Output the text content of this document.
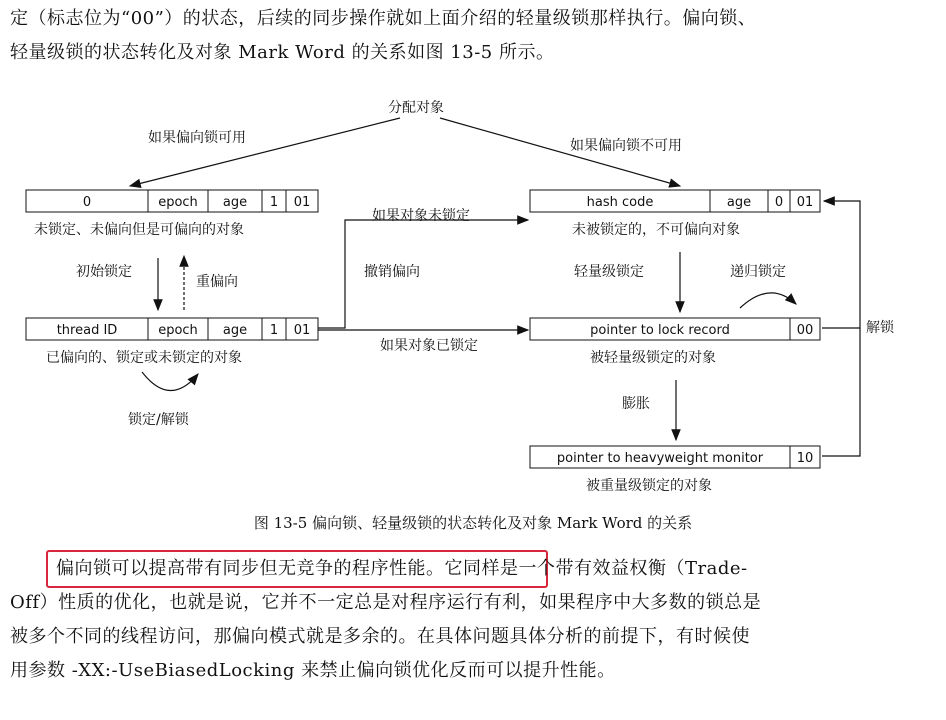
定（标志位为“00”）的状态，后续的同步操作就如上面介绍的轻量级锁那样执行。偏向锁、
轻量级锁的状态转化及对象 Mark Word 的关系如图 13-5 所示。
分配对象
如果偏向锁可用	如果偏向锁不可用
0	epoch age 1 01
未锁定、未偏向但是可偏向的对象
hash code	age 0 01
未被锁定的，不可偏向对象
初始锁定
重偏向
thread ID	epoch age 1 01
已偏向的、锁定或未锁定的对象
锁定/解锁
如果对象未锁定
撤销偏向
如果对象已锁定
轻量级锁定	递归锁定
pointer to lock record	00
被轻量级锁定的对象
解锁
膨胀
pointer to heavyweight monitor	10
被重量级锁定的对象
图 13-5 偏向锁、轻量级锁的状态转化及对象 Mark Word 的关系
偏向锁可以提高带有同步但无竞争的程序性能。它同样是一个带有效益权衡（Trade-
Off）性质的优化，也就是说，它并不一定总是对程序运行有利，如果程序中大多数的锁总是
被多个不同的线程访问，那偏向模式就是多余的。在具体问题具体分析的前提下，有时候使
用参数 -XX:-UseBiasedLocking 来禁止偏向锁优化反而可以提升性能。
